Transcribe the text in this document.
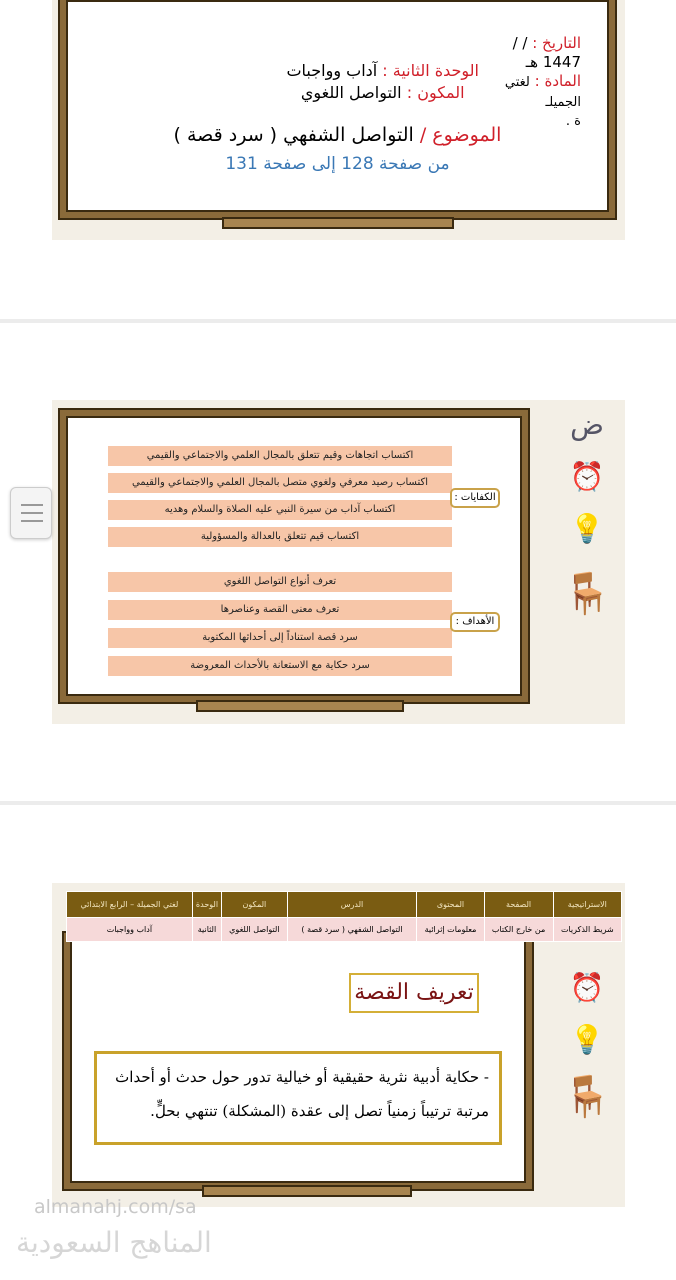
التاريخ : / /
1447 هـ
المادة : لغتي الجميلـ
ة .
الوحدة الثانية : آداب وواجبات
المكون : التواصل اللغوي
الموضوع / التواصل الشفهي ( سرد قصة )
من صفحة 128 إلى صفحة 131
اكتساب اتجاهات وقيم تتعلق بالمجال العلمي والاجتماعي والقيمي
اكتساب رصيد معرفي ولغوي متصل بالمجال العلمي والاجتماعي والقيمي
اكتساب آداب من سيرة النبي عليه الصلاة والسلام وهديه
اكتساب قيم تتعلق بالعدالة والمسؤولية
الكفايات :
تعرف أنواع التواصل اللغوي
تعرف معنى القصة وعناصرها
سرد قصة استناداً إلى أحداثها المكتوبة
سرد حكاية مع الاستعانة بالأحداث المعروضة
الأهداف :
ض
⏰
💡
🪑
الاستراتيجية	الصفحة	المحتوى	الدرس	المكون	الوحدة	لغتي الجميلة – الرابع الابتدائي
شريط الذكريات	من خارج الكتاب	معلومات إثرائية	التواصل الشفهي ( سرد قصة )	التواصل اللغوي	الثانية	آداب وواجبات
تعريف القصة
- حكاية أدبية نثرية حقيقية أو خيالية تدور حول حدث أو أحداث مرتبة ترتيباً زمنياً تصل إلى عقدة (المشكلة) تنتهي بحلٍّ.
⏰
💡
🪑
almanahj.com/sa
المناهج السعودية
